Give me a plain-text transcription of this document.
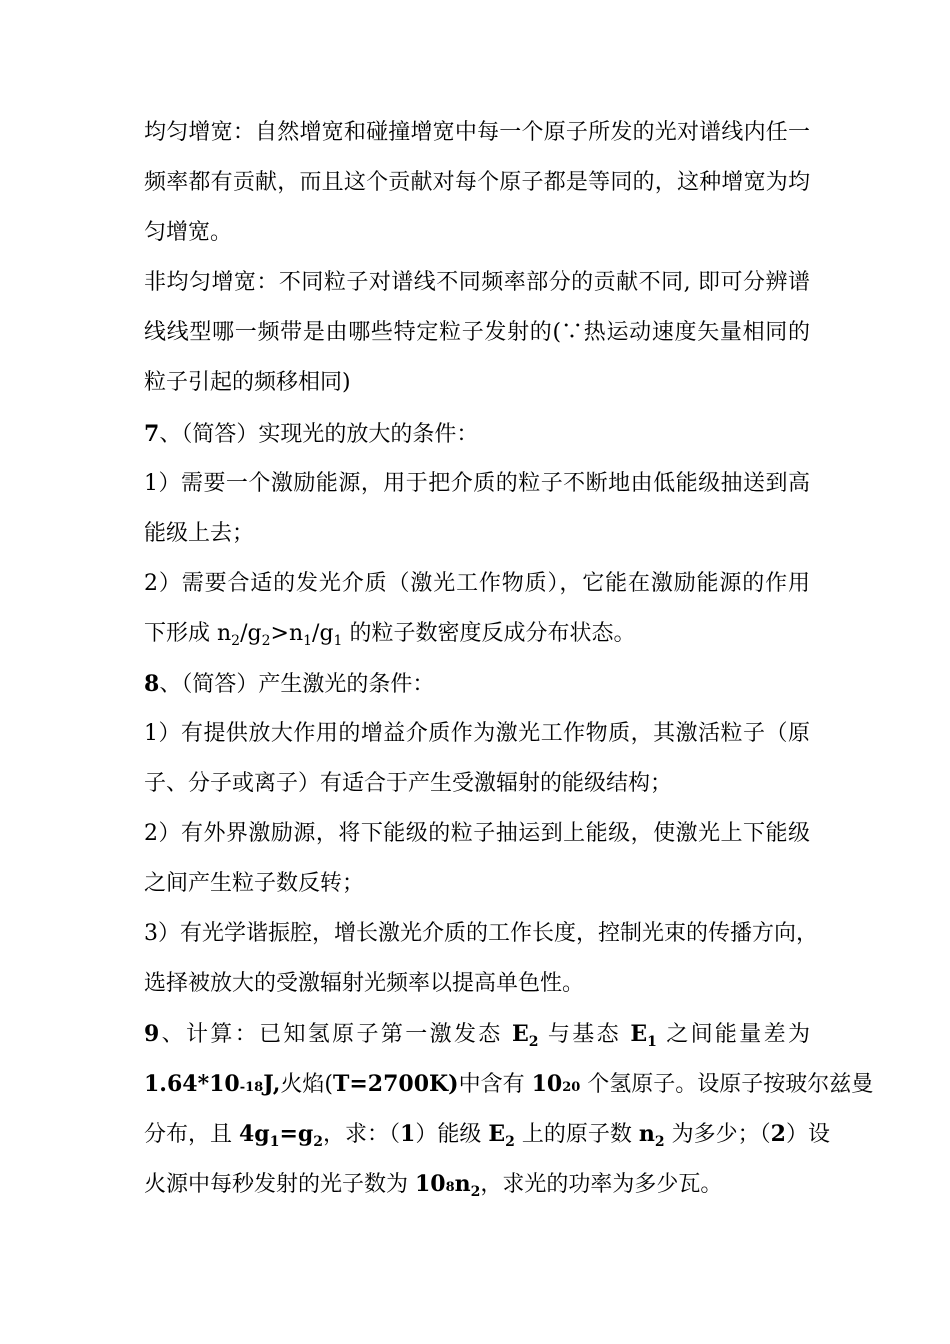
均匀增宽：自然增宽和碰撞增宽中每一个原子所发的光对谱线内任一
频率都有贡献，而且这个贡献对每个原子都是等同的，这种增宽为均
匀增宽。
非均匀增宽：不同粒子对谱线不同频率部分的贡献不同, 即可分辨谱
线线型哪一频带是由哪些特定粒子发射的(∵热运动速度矢量相同的
粒子引起的频移相同)
7、（简答）实现光的放大的条件：
1）需要一个激励能源，用于把介质的粒子不断地由低能级抽送到高
能级上去；
2）需要合适的发光介质（激光工作物质），它能在激励能源的作用
下形成 $n_2/g_2>n_1/g_1$ 的粒子数密度反成分布状态。
8、（简答）产生激光的条件：
1）有提供放大作用的增益介质作为激光工作物质，其激活粒子（原
子、分子或离子）有适合于产生受激辐射的能级结构；
2）有外界激励源，将下能级的粒子抽运到上能级，使激光上下能级
之间产生粒子数反转；
3）有光学谐振腔，增长激光介质的工作长度，控制光束的传播方向，
选择被放大的受激辐射光频率以提高单色性。
9、计算：已知氢原子第一激发态 $E_2$ 与基态 $E_1$ 之间能量差为
1.64*10-18J,火焰(T=2700K)中含有 1020 个氢原子。设原子按玻尔兹曼
分布，且 $4g_1=g_2$，求：（1）能级 $E_2$ 上的原子数 $n_2$ 为多少；（2）设
火源中每秒发射的光子数为 $108n_2$，求光的功率为多少瓦。
